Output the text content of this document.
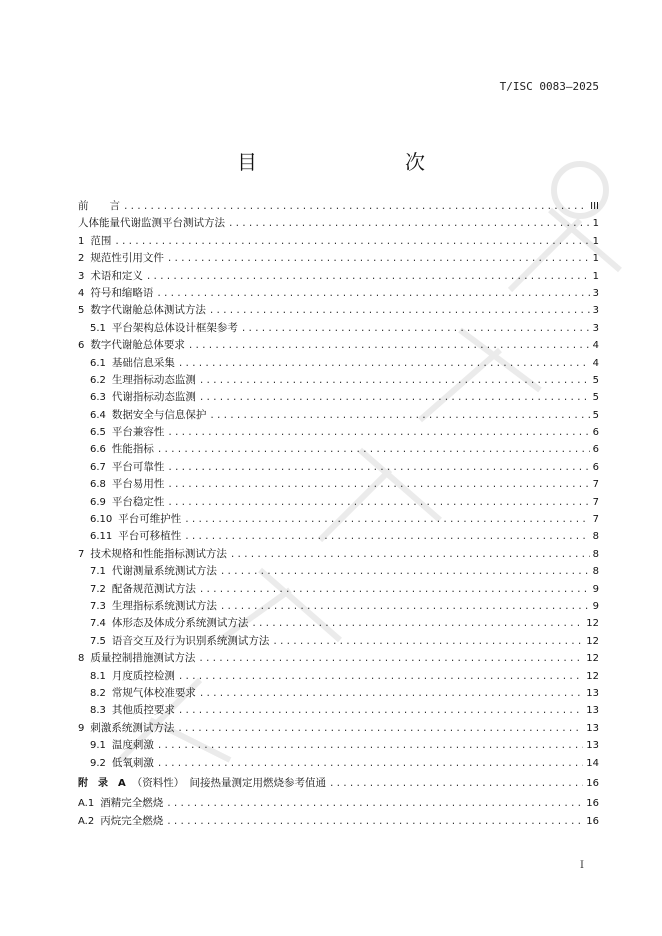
T/ISC 0083—2025
目　　次
前　　言 .....	III
人体能量代谢监测平台测试方法 .....	1
1 范围 .....	1
2 规范性引用文件 .....	1
3 术语和定义 .....	1
4 符号和缩略语 .....	3
5 数字代谢舱总体测试方法 .....	3
5.1 平台架构总体设计框架参考 .....	3
6 数字代谢舱总体要求 .....	4
6.1 基础信息采集 .....	4
6.2 生理指标动态监测 .....	5
6.3 代谢指标动态监测 .....	5
6.4 数据安全与信息保护 .....	5
6.5 平台兼容性 .....	6
6.6 性能指标 .....	6
6.7 平台可靠性 .....	6
6.8 平台易用性 .....	7
6.9 平台稳定性 .....	7
6.10 平台可维护性 .....	7
6.11 平台可移植性 .....	8
7 技术规格和性能指标测试方法 .....	8
7.1 代谢测量系统测试方法 .....	8
7.2 配备规范测试方法 .....	9
7.3 生理指标系统测试方法 .....	9
7.4 体形态及体成分系统测试方法 .....	12
7.5 语音交互及行为识别系统测试方法 .....	12
8 质量控制措施测试方法 .....	12
8.1 月度质控检测 .....	12
8.2 常规气体校准要求 .....	13
8.3 其他质控要求 .....	13
9 刺激系统测试方法 .....	13
9.1 温度刺激 .....	13
9.2 低氧刺激 .....	14
附　录　A （资料性）　间接热量测定用燃烧参考值通 .....	16
A.1 酒精完全燃烧 .....	16
A.2 丙烷完全燃烧 .....	16
I
